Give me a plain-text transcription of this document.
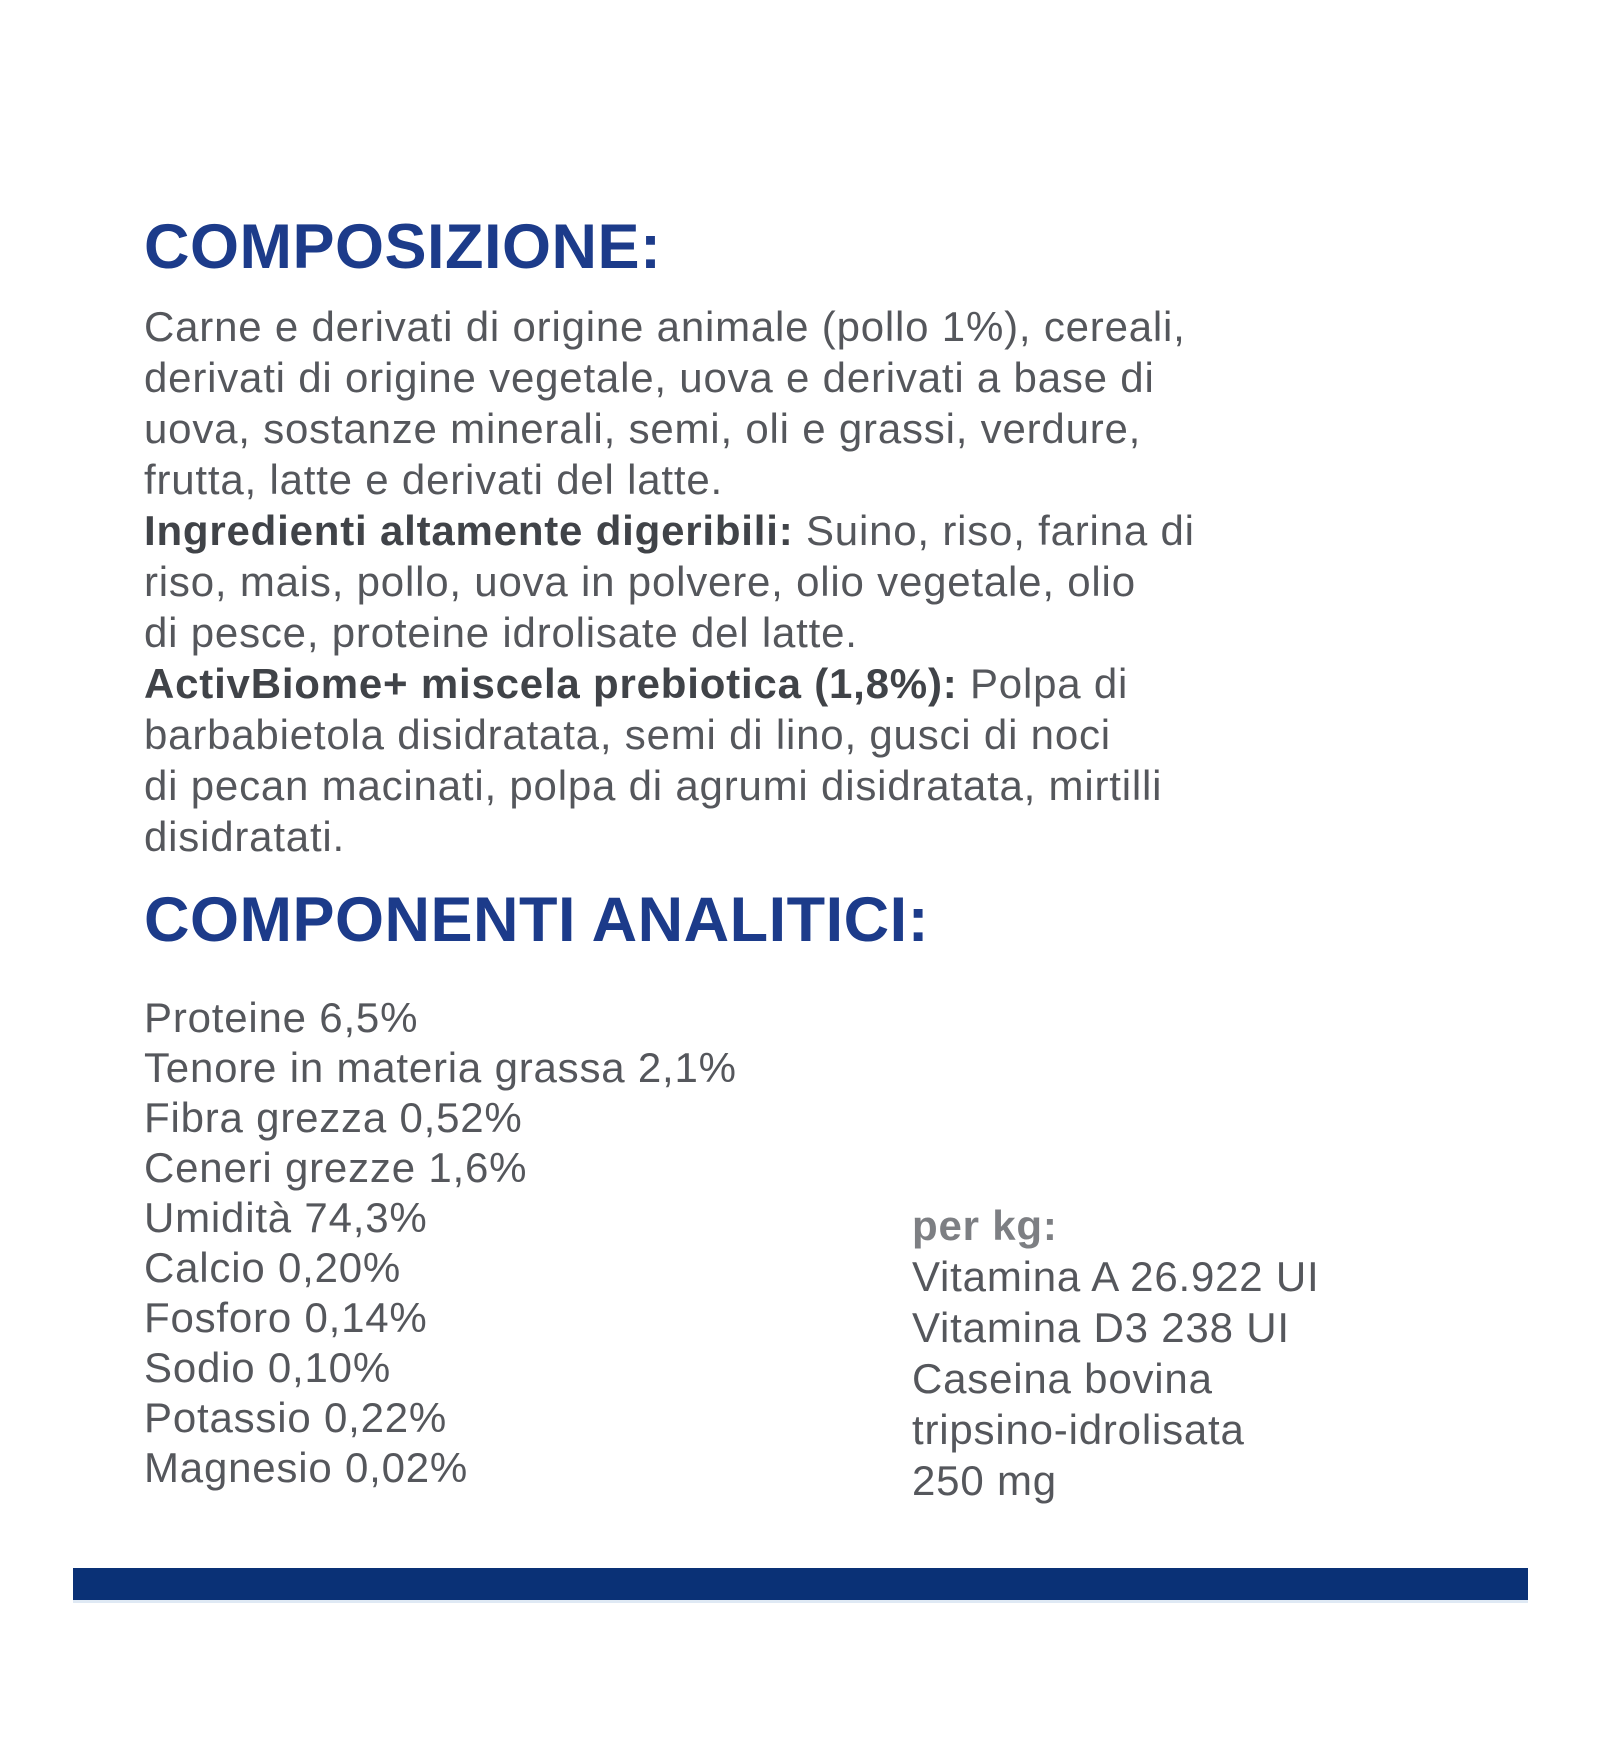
COMPOSIZIONE:
Carne e derivati di origine animale (pollo 1%), cereali,
derivati di origine vegetale, uova e derivati a base di
uova, sostanze minerali, semi, oli e grassi, verdure,
frutta, latte e derivati del latte.
Ingredienti altamente digeribili: Suino, riso, farina di
riso, mais, pollo, uova in polvere, olio vegetale, olio
di pesce, proteine idrolisate del latte.
ActivBiome+ miscela prebiotica (1,8%): Polpa di
barbabietola disidratata, semi di lino, gusci di noci
di pecan macinati, polpa di agrumi disidratata, mirtilli
disidratati.
COMPONENTI ANALITICI:
Proteine 6,5%
Tenore in materia grassa 2,1%
Fibra grezza 0,52%
Ceneri grezze 1,6%
Umidità 74,3%
Calcio 0,20%
Fosforo 0,14%
Sodio 0,10%
Potassio 0,22%
Magnesio 0,02%
per kg:
Vitamina A 26.922 UI
Vitamina D3 238 UI
Caseina bovina
tripsino-idrolisata
250 mg
